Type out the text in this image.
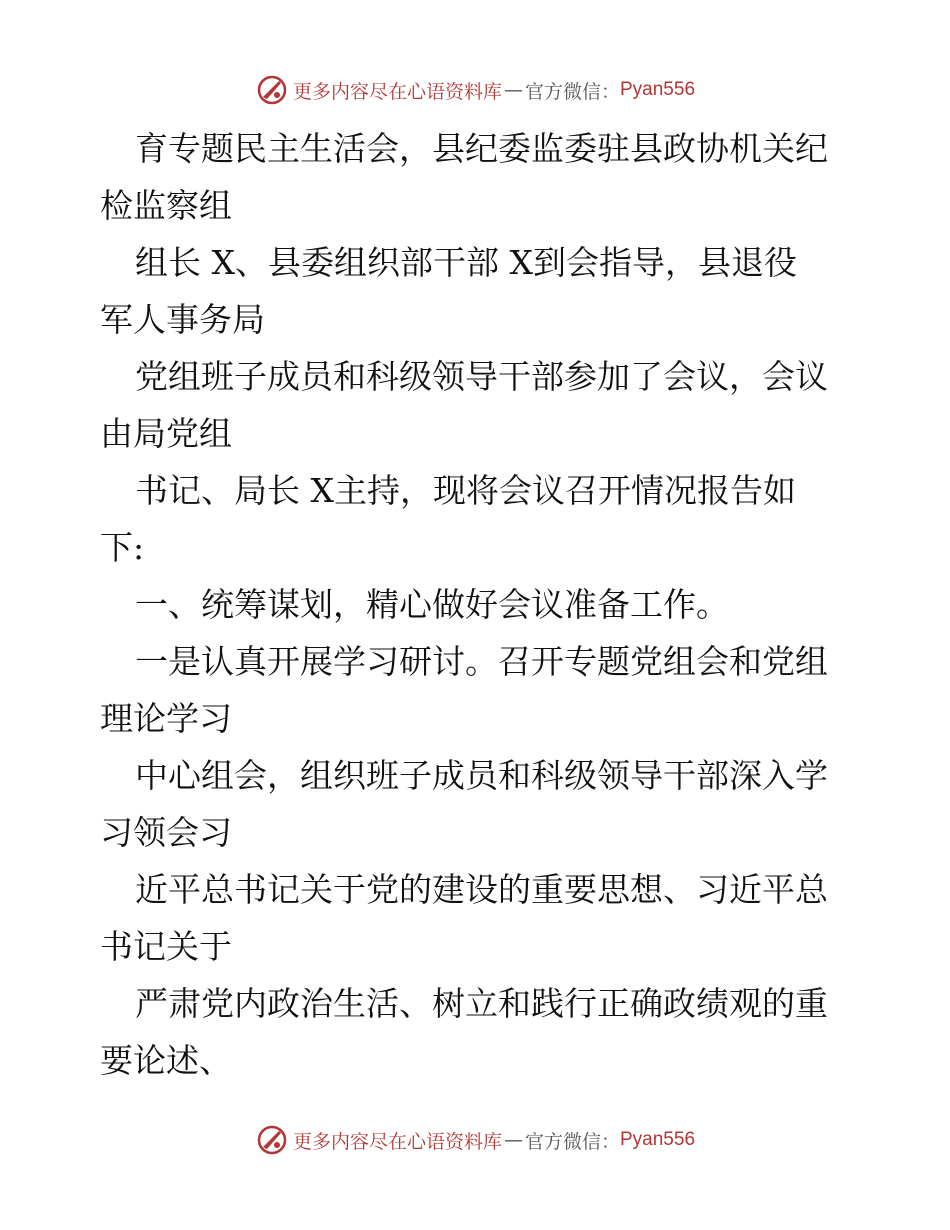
更多内容尽在心语资料库 — 官方微信： Pyan556

育专题民主生活会，县纪委监委驻县政协机关纪
检监察组

组长 X、县委组织部干部 X到会指导，县退役
军人事务局

党组班子成员和科级领导干部参加了会议，会议
由局党组

书记、局长 X主持，现将会议召开情况报告如
下:

一、统筹谋划，精心做好会议准备工作。

一是认真开展学习研讨。召开专题党组会和党组
理论学习

中心组会，组织班子成员和科级领导干部深入学
习领会习

近平总书记关于党的建设的重要思想、习近平总
书记关于

严肃党内政治生活、树立和践行正确政绩观的重
要论述、

更多内容尽在心语资料库 — 官方微信： Pyan556
